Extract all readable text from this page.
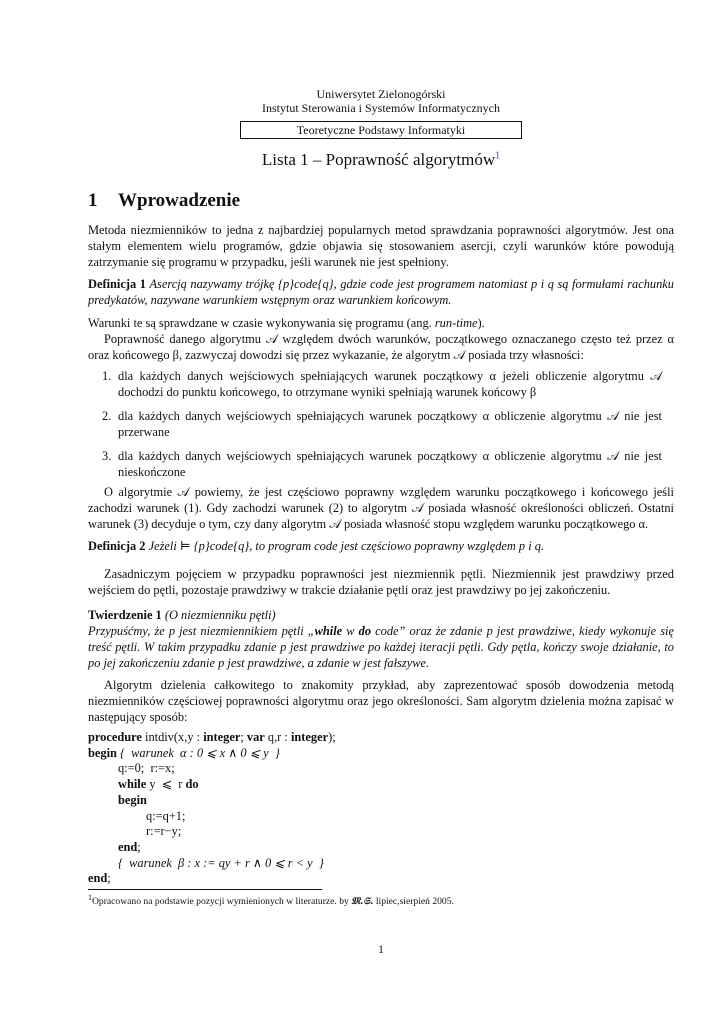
Uniwersytet Zielonogórski
Instytut Sterowania i Systemów Informatycznych
Teoretyczne Podstawy Informatyki
Lista 1 – Poprawność algorytmów$^1$
1 Wprowadzenie
Metoda niezmienników to jedna z najbardziej popularnych metod sprawdzania poprawności algorytmów. Jest ona stałym elementem wielu programów, gdzie objawia się stosowaniem asercji, czyli warunków które powodują zatrzymanie się programu w przypadku, jeśli warunek nie jest spełniony.
Definicja 1 Asercją nazywamy trójkę {p}code{q}, gdzie code jest programem natomiast p i q są formułami rachunku predykatów, nazywane warunkiem wstępnym oraz warunkiem końcowym.
Warunki te są sprawdzane w czasie wykonywania się programu (ang. run-time).
Poprawność danego algorytmu 𝒜 względem dwóch warunków, początkowego oznaczanego często też przez α oraz końcowego β, zazwyczaj dowodzi się przez wykazanie, że algorytm 𝒜 posiada trzy własności:
1. dla każdych danych wejściowych spełniających warunek początkowy α jeżeli obliczenie algorytmu 𝒜 dochodzi do punktu końcowego, to otrzymane wyniki spełniają warunek końcowy β
2. dla każdych danych wejściowych spełniających warunek początkowy α obliczenie algorytmu 𝒜 nie jest przerwane
3. dla każdych danych wejściowych spełniających warunek początkowy α obliczenie algorytmu 𝒜 nie jest nieskończone
O algorytmie 𝒜 powiemy, że jest częściowo poprawny względem warunku początkowego i końcowego jeśli zachodzi warunek (1). Gdy zachodzi warunek (2) to algorytm 𝒜 posiada własność określoności obliczeń. Ostatni warunek (3) decyduje o tym, czy dany algorytm 𝒜 posiada własność stopu względem warunku początkowego α.
Definicja 2 Jeżeli ⊨ {p}code{q}, to program code jest częściowo poprawny względem p i q.
Zasadniczym pojęciem w przypadku poprawności jest niezmiennik pętli. Niezmiennik jest prawdziwy przed wejściem do pętli, pozostaje prawdziwy w trakcie działanie pętli oraz jest prawdziwy po jej zakończeniu.
Twierdzenie 1 (O niezmienniku pętli)
Przypuśćmy, że p jest niezmiennikiem pętli „while w do code” oraz że zdanie p jest prawdziwe, kiedy wykonuje się treść pętli. W takim przypadku zdanie p jest prawdziwe po każdej iteracji pętli. Gdy pętla, kończy swoje działanie, to po jej zakończeniu zdanie p jest prawdziwe, a zdanie w jest fałszywe.
Algorytm dzielenia całkowitego to znakomity przykład, aby zaprezentować sposób dowodzenia metodą niezmienników częściowej poprawności algorytmu oraz jego określoności. Sam algorytm dzielenia można zapisać w następujący sposób:
procedure intdiv(x,y : integer; var q,r : integer);
begin {  warunek  α : 0 ⩽ x ∧ 0 ⩽ y  }
q:=0;  r:=x;
while y  ⩽  r do
begin
q:=q+1;
r:=r−y;
end;
{  warunek  β : x := qy + r ∧ 0 ⩽ r < y  }
end;
$^1$Opracowano na podstawie pozycji wymienionych w literaturze. by 𝔐.𝔖. lipiec,sierpień 2005.
1
